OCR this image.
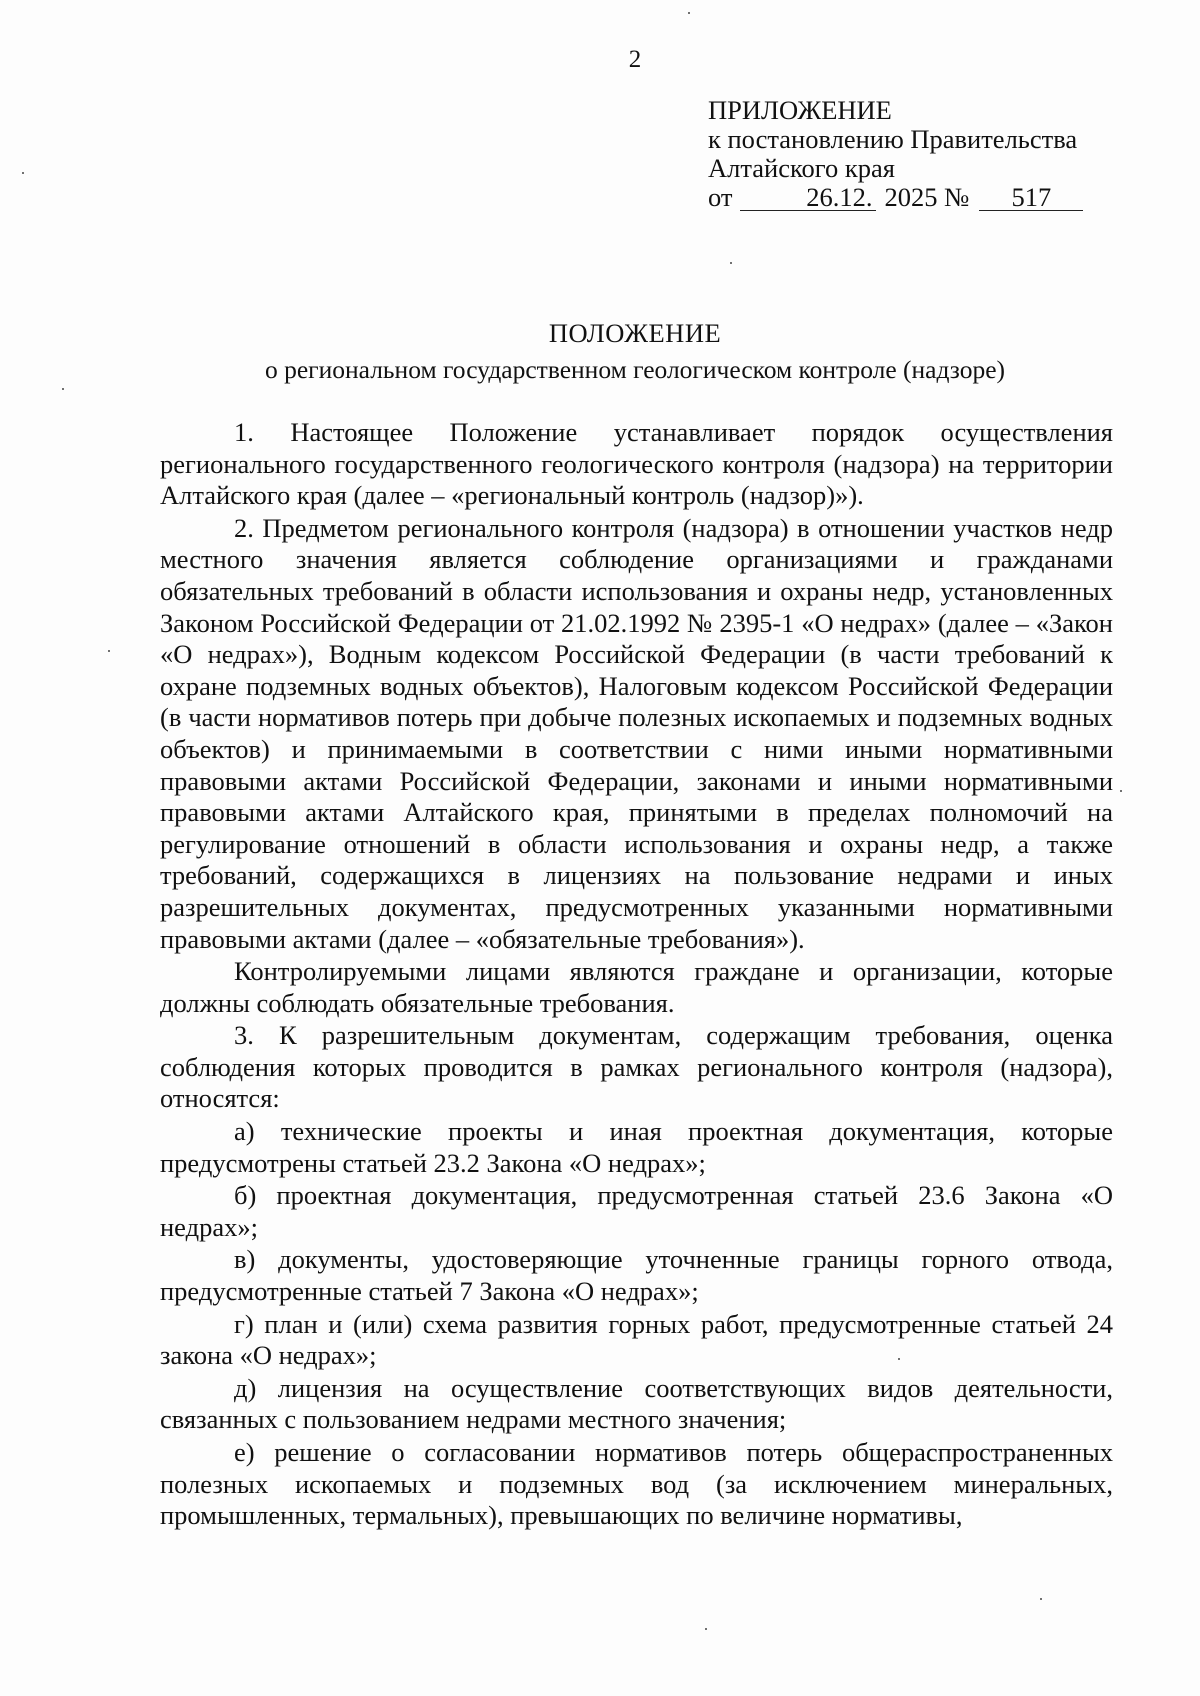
2
ПРИЛОЖЕНИЕ
к постановлению Правительства
Алтайского края
от	26.12. 2025 №	517
ПОЛОЖЕНИЕ
о региональном государственном геологическом контроле (надзоре)

1. Настоящее Положение устанавливает порядок осуществления регионального государственного геологического контроля (надзора) на территории Алтайского края (далее – «региональный контроль (надзор)»).

2. Предметом регионального контроля (надзора) в отношении участков недр местного значения является соблюдение организациями и гражданами обязательных требований в области использования и охраны недр, установленных Законом Российской Федерации от 21.02.1992 № 2395-1 «О недрах» (далее – «Закон «О недрах»), Водным кодексом Российской Федерации (в части требований к охране подземных водных объектов), Налоговым кодексом Российской Федерации (в части нормативов потерь при добыче полезных ископаемых и подземных водных объектов) и принимаемыми в соответствии с ними иными нормативными правовыми актами Российской Федерации, законами и иными нормативными правовыми актами Алтайского края, принятыми в пределах полномочий на регулирование отношений в области использования и охраны недр, а также требований, содержащихся в лицензиях на пользование недрами и иных разрешительных документах, предусмотренных указанными нормативными правовыми актами (далее – «обязательные требования»).

Контролируемыми лицами являются граждане и организации, которые должны соблюдать обязательные требования.

3. К разрешительным документам, содержащим требования, оценка соблюдения которых проводится в рамках регионального контроля (надзора), относятся:

а) технические проекты и иная проектная документация, которые предусмотрены статьей 23.2 Закона «О недрах»;

б) проектная документация, предусмотренная статьей 23.6 Закона «О недрах»;

в) документы, удостоверяющие уточненные границы горного отвода, предусмотренные статьей 7 Закона «О недрах»;

г) план и (или) схема развития горных работ, предусмотренные статьей 24 закона «О недрах»;

д) лицензия на осуществление соответствующих видов деятельности, связанных с пользованием недрами местного значения;

е) решение о согласовании нормативов потерь общераспространенных полезных ископаемых и подземных вод (за исключением минеральных, промышленных, термальных), превышающих по величине нормативы,
